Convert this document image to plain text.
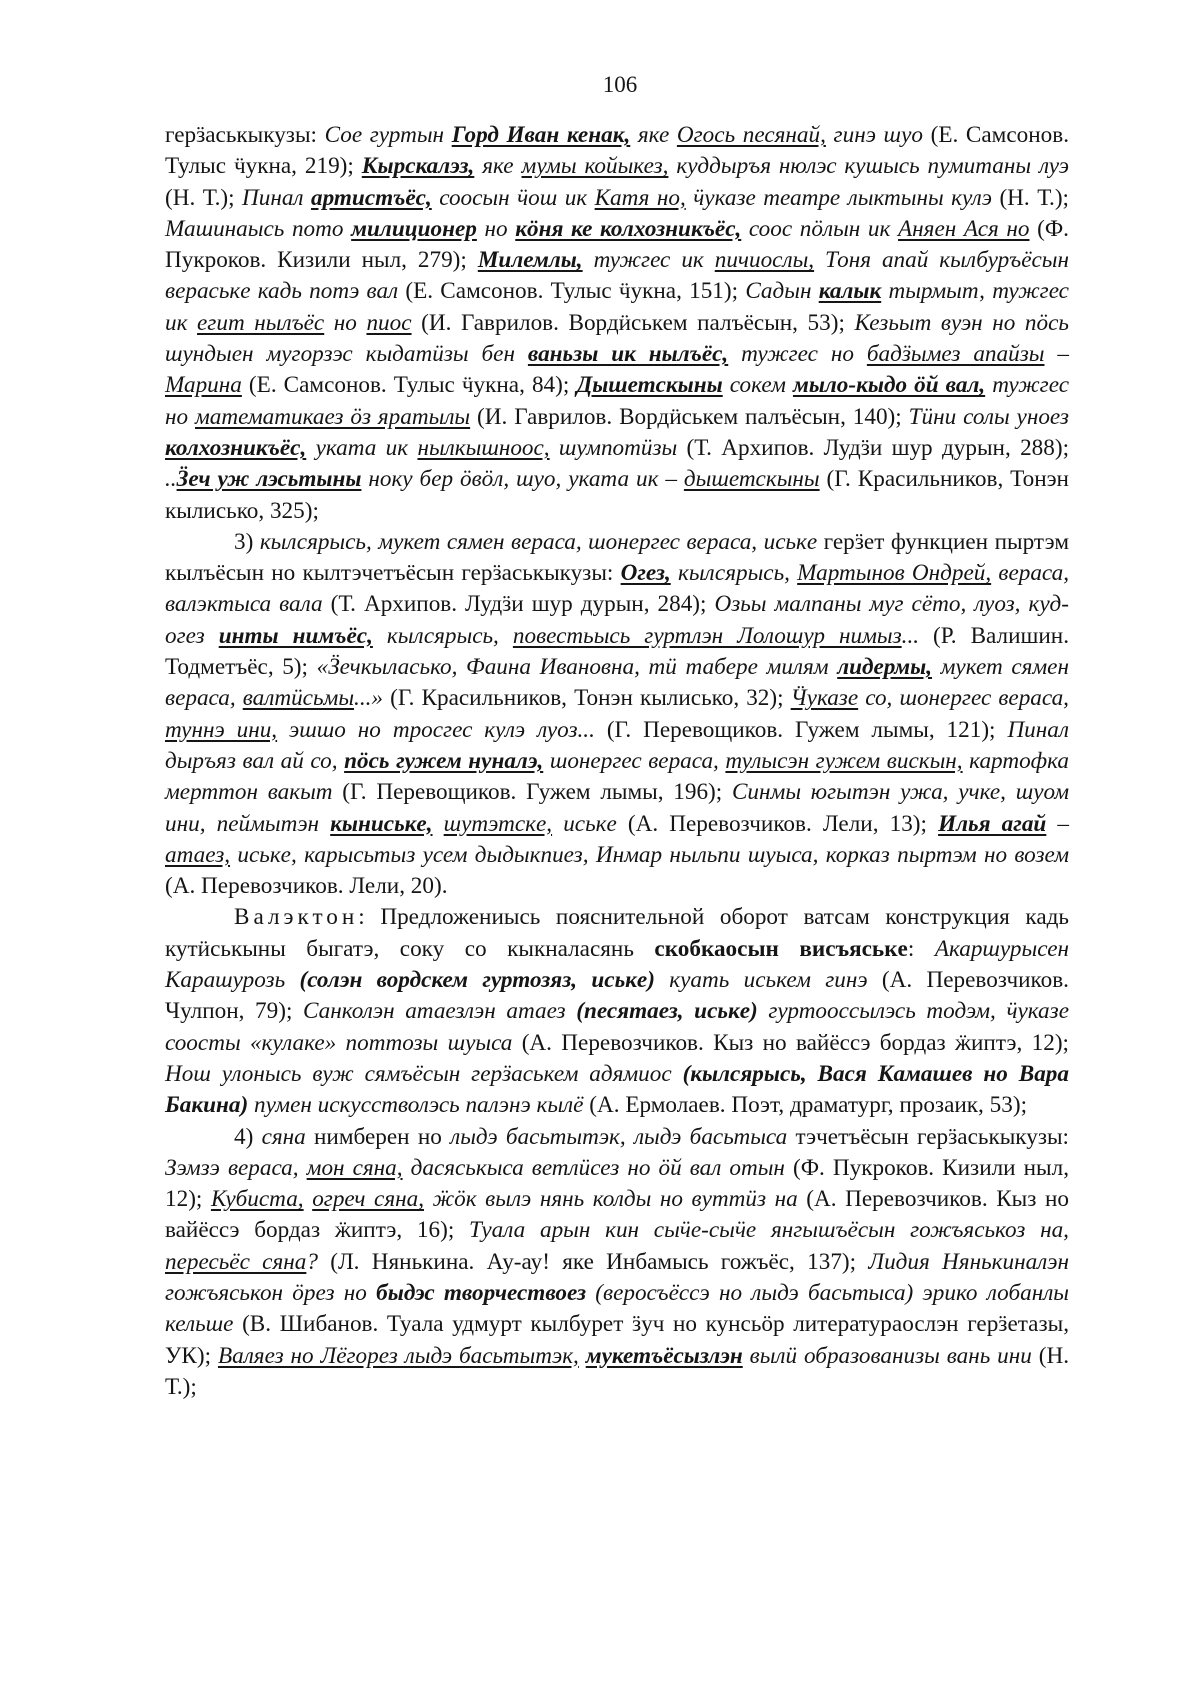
106

герӟаськыкузы: Сое гуртын Горд Иван кенак, яке Огось песянай, гинэ шуо (Е. Самсонов. Тулыс ӵукна, 219); Кырскалэз, яке мумы койыкез, куддыръя нюлэс кушысь пумитаны луэ (Н. Т.); Пинал артистъёс, соосын ӵош ик Катя но, ӵуказе театре лыктыны кулэ (Н. Т.); Машинаысь пото милиционер но кӧня ке колхозникъёс, соос пӧлын ик Аняен Ася но (Ф. Пукроков. Кизили ныл, 279); Милемлы, тужгес ик пичиослы, Тоня апай кылбуръёсын вераськe кадь потэ вал (Е. Самсонов. Тулыс ӵукна, 151); Садын калык тырмыт, тужгес ик егит нылъёс но пиос (И. Гаврилов. Вордӥськем палъёсын, 53); Кезьыт вуэн но пӧсь шундыен мугорзэс кыдатӥзы бен ваньзы ик нылъёс, тужгес но бадӟымез апайзы – Марина (Е. Самсонов. Тулыс ӵукна, 84); Дышетскыны сокем мыло-кыдо ӧй вал, тужгес но математикаез ӧз яратылы (И. Гаврилов. Вордӥськем палъёсын, 140); Тӥни солы уноез колхозникъёс, уката ик нылкышноос, шумпотӥзы (Т. Архипов. Лудӟи шур дурын, 288); ..Ӟеч уж лэсьтыны ноку бер ӧвӧл, шуо, уката ик – дышетскыны (Г. Красильников, Тонэн кылисько, 325);

3) кылсярысь, мукет сямен вераса, шонергес вераса, иськe герӟет функциен пыртэм кылъёсын но кылтэчетъёсын герӟаськыкузы: Огез, кылсярысь, Мартынов Ондрей, вераса, валэктыса вала (Т. Архипов. Лудӟи шур дурын, 284); Озьы малпаны муг сёто, луоз, куд-огез инты нимъёс, кылсярысь, повестьысь гуртлэн Лолошур нимыз... (Р. Валишин. Тодметъёс, 5); «Ӟечкыласько, Фаина Ивановна, тӥ табере милям лидермы, мукет сямен вераса, валтӥсьмы...» (Г. Красильников, Тонэн кылисько, 32); Ӵуказе со, шонергес вераса, туннэ ини, эшшо но тросгес кулэ луоз... (Г. Перевощиков. Гужем лымы, 121); Пинал дыръяз вал ай со, пӧсь гужем нуналэ, шонергес вераса, тулысэн гужем вискын, картофка мерттон вакыт (Г. Перевощиков. Гужем лымы, 196); Синмы югытэн ужа, учке, шуом ини, пеймытэн кыниськe, шутэтскe, иськe (А. Перевозчиков. Лели, 13); Илья агай – атаез, иськe, карысьтыз усем дыдыкпиез, Инмар ныльпи шуыса, корказ пыртэм но возем (А. Перевозчиков. Лели, 20).

Валэктон: Предложениысь пояснительной оборот ватсам конструкция кадь кутӥськыны быгатэ, соку со кыкналасянь скобкаосын висъяськe: Акаршурысен Карашурозь (солэн вордскем гуртозяз, иськe) куать иськем гинэ (А. Перевозчиков. Чулпон, 79); Санколэн атаезлэн атаез (песятаез, иськe) гуртооссылэсь тодэм, ӵуказе соосты «кулаке» поттозы шуыса (А. Перевозчиков. Кыз но вайёссэ бордаз ӝиптэ, 12); Нош улонысь вуж сямъёсын герӟаськем адямиос (кылсярысь, Вася Камашев но Вара Бакина) пумен искусстволэсь палэнэ кылё (А. Ермолаев. Поэт, драматург, прозаик, 53);

4) сяна нимберен но лыдэ басьтытэк, лыдэ басьтыса тэчетъёсын герӟаськыкузы: Зэмзэ вераса, мон сяна, дасяськыса ветлӥсез но ӧй вал отын (Ф. Пукроков. Кизили ныл, 12); Кубиста, огреч сяна, ӝӧк вылэ нянь колды но вуттӥз на (А. Перевозчиков. Кыз но вайёссэ бордаз ӝиптэ, 16); Туала арын кин сыӵе-сыӵе янгышъёсын гожъяськоз на, пересьёс сяна? (Л. Нянькина. Ау-ау! яке Инбамысь гожъёс, 137); Лидия Нянькиналэн гожъяськон ӧрез но быдэс творчествоез (веросъёссэ но лыдэ басьтыса) эрико лобанлы кельше (В. Шибанов. Туала удмурт кылбурет ӟуч но кунсьӧр литератураослэн герӟетазы, УК); Валяез но Лёгорез лыдэ басьтытэк, мукетъёсызлэн вылӥ образованизы вань ини (Н. Т.);
